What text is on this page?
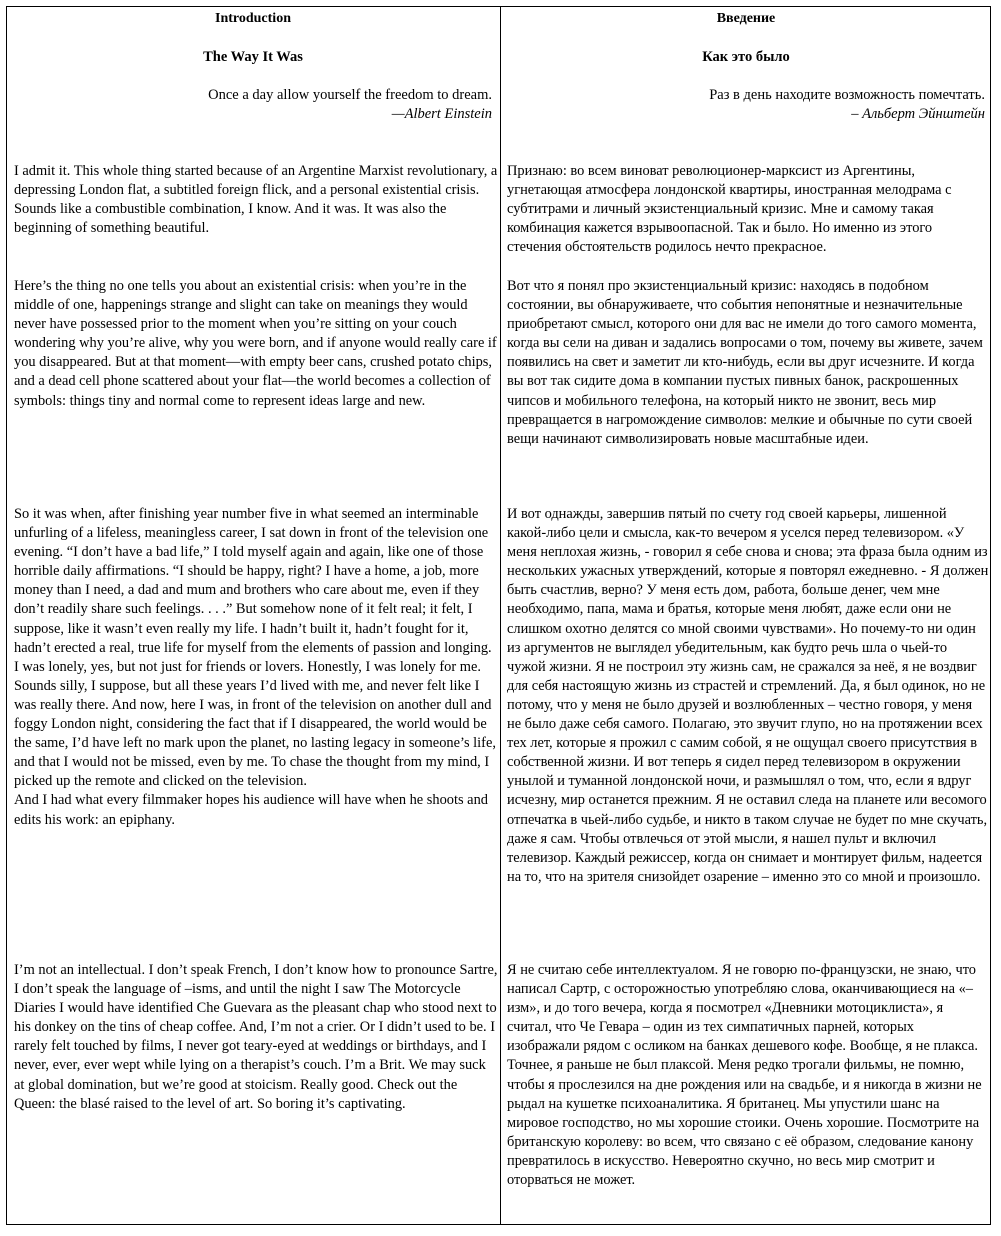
Introduction
The Way It Was
Once a day allow yourself the freedom to dream.
—Albert Einstein

I admit it. This whole thing started because of an Argentine Marxist revolutionary, a depressing London flat, a subtitled foreign flick, and a personal existential crisis. Sounds like a combustible combination, I know. And it was. It was also the beginning of something beautiful.

Here’s the thing no one tells you about an existential crisis: when you’re in the middle of one, happenings strange and slight can take on meanings they would never have possessed prior to the moment when you’re sitting on your couch wondering why you’re alive, why you were born, and if anyone would really care if you disappeared. But at that moment—with empty beer cans, crushed potato chips, and a dead cell phone scattered about your flat—the world becomes a collection of symbols: things tiny and normal come to represent ideas large and new.

So it was when, after finishing year number five in what seemed an interminable unfurling of a lifeless, meaningless career, I sat down in front of the television one evening. “I don’t have a bad life,” I told myself again and again, like one of those horrible daily affirmations. “I should be happy, right? I have a home, a job, more money than I need, a dad and mum and brothers who care about me, even if they don’t readily share such feelings. . . .” But somehow none of it felt real; it felt, I suppose, like it wasn’t even really my life. I hadn’t built it, hadn’t fought for it, hadn’t erected a real, true life for myself from the elements of passion and longing. I was lonely, yes, but not just for friends or lovers. Honestly, I was lonely for me. Sounds silly, I suppose, but all these years I’d lived with me, and never felt like I was really there. And now, here I was, in front of the television on another dull and foggy London night, considering the fact that if I disappeared, the world would be the same, I’d have left no mark upon the planet, no lasting legacy in someone’s life, and that I would not be missed, even by me. To chase the thought from my mind, I picked up the remote and clicked on the television.
And I had what every filmmaker hopes his audience will have when he shoots and edits his work: an epiphany.

I’m not an intellectual. I don’t speak French, I don’t know how to pronounce Sartre, I don’t speak the language of –isms, and until the night I saw The Motorcycle Diaries I would have identified Che Guevara as the pleasant chap who stood next to his donkey on the tins of cheap coffee. And, I’m not a crier. Or I didn’t used to be. I rarely felt touched by films, I never got teary-eyed at weddings or birthdays, and I never, ever, ever wept while lying on a therapist’s couch. I’m a Brit. We may suck at global domination, but we’re good at stoicism. Really good. Check out the Queen: the blasé raised to the level of art. So boring it’s captivating.

Введение
Как это было
Раз в день находите возможность помечтать.
– Альберт Эйнштейн

Признаю: во всем виноват революционер-марксист из Аргентины, угнетающая атмосфера лондонской квартиры, иностранная мелодрама с субтитрами и личный экзистенциальный кризис. Мне и самому такая комбинация кажется взрывоопасной. Так и было. Но именно из этого стечения обстоятельств родилось нечто прекрасное.

Вот что я понял про экзистенциальный кризис: находясь в подобном состоянии, вы обнаруживаете, что события непонятные и незначительные приобретают смысл, которого они для вас не имели до того самого момента, когда вы сели на диван и задались вопросами о том, почему вы живете, зачем появились на свет и заметит ли кто-нибудь, если вы друг исчезните. И когда вы вот так сидите дома в компании пустых пивных банок, раскрошенных чипсов и мобильного телефона, на который никто не звонит, весь мир превращается в нагромождение символов: мелкие и обычные по сути своей вещи начинают символизировать новые масштабные идеи.

И вот однажды, завершив пятый по счету год своей карьеры, лишенной какой-либо цели и смысла, как-то вечером я уселся перед телевизором. «У меня неплохая жизнь, - говорил я себе снова и снова; эта фраза была одним из нескольких ужасных утверждений, которые я повторял ежедневно. - Я должен быть счастлив, верно? У меня есть дом, работа, больше денег, чем мне необходимо, папа, мама и братья, которые меня любят, даже если они не слишком охотно делятся со мной своими чувствами». Но почему-то ни один из аргументов не выглядел убедительным, как будто речь шла о чьей-то чужой жизни. Я не построил эту жизнь сам, не сражался за неё, я не воздвиг для себя настоящую жизнь из страстей и стремлений. Да, я был одинок, но не потому, что у меня не было друзей и возлюбленных – честно говоря, у меня не было даже себя самого. Полагаю, это звучит глупо, но на протяжении всех тех лет, которые я прожил с самим собой, я не ощущал своего присутствия в собственной жизни. И вот теперь я сидел перед телевизором в окружении унылой и туманной лондонской ночи, и размышлял о том, что, если я вдруг исчезну, мир останется прежним. Я не оставил следа на планете или весомого отпечатка в чьей-либо судьбе, и никто в таком случае не будет по мне скучать, даже я сам. Чтобы отвлечься от этой мысли, я нашел пульт и включил телевизор. Каждый режиссер, когда он снимает и монтирует фильм, надеется на то, что на зрителя снизойдет озарение – именно это со мной и произошло.

Я не считаю себе интеллектуалом. Я не говорю по-французски, не знаю, что написал Сартр, с осторожностью употребляю слова, оканчивающиеся на «– изм», и до того вечера, когда я посмотрел «Дневники мотоциклиста», я считал, что Че Гевара – один из тех симпатичных парней, которых изображали рядом с осликом на банках дешевого кофе. Вообще, я не плакса. Точнее, я раньше не был плаксой. Меня редко трогали фильмы, не помню, чтобы я прослезился на дне рождения или на свадьбе, и я никогда в жизни не рыдал на кушетке психоаналитика. Я британец. Мы упустили шанс на мировое господство, но мы хорошие стоики. Очень хорошие. Посмотрите на британскую королеву: во всем, что связано с её образом, следование канону превратилось в искусство. Невероятно скучно, но весь мир смотрит и оторваться не может.
